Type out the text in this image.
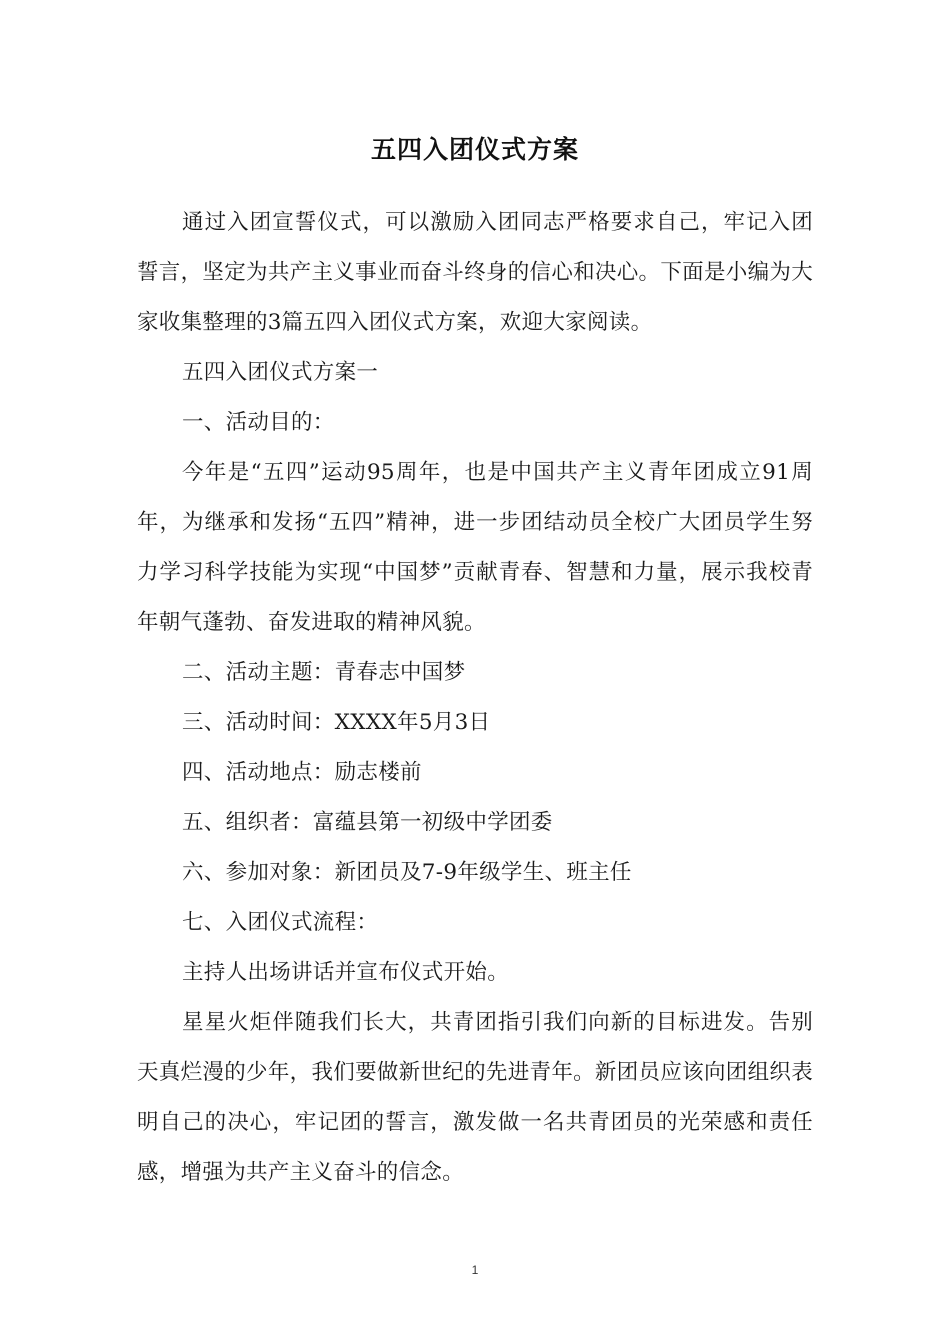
五四入团仪式方案

通过入团宣誓仪式，可以激励入团同志严格要求自己，牢记入团誓言，坚定为共产主义事业而奋斗终身的信心和决心。下面是小编为大家收集整理的3篇五四入团仪式方案，欢迎大家阅读。

五四入团仪式方案一

一、活动目的：

今年是“五四”运动95周年，也是中国共产主义青年团成立91周年，为继承和发扬“五四”精神，进一步团结动员全校广大团员学生努力学习科学技能为实现“中国梦”贡献青春、智慧和力量，展示我校青年朝气蓬勃、奋发进取的精神风貌。

二、活动主题：青春志中国梦

三、活动时间：XXXX年5月3日

四、活动地点：励志楼前

五、组织者：富蕴县第一初级中学团委

六、参加对象：新团员及7-9年级学生、班主任

七、入团仪式流程：

主持人出场讲话并宣布仪式开始。

星星火炬伴随我们长大，共青团指引我们向新的目标进发。告别天真烂漫的少年，我们要做新世纪的先进青年。新团员应该向团组织表明自己的决心，牢记团的誓言，激发做一名共青团员的光荣感和责任感，增强为共产主义奋斗的信念。

1
